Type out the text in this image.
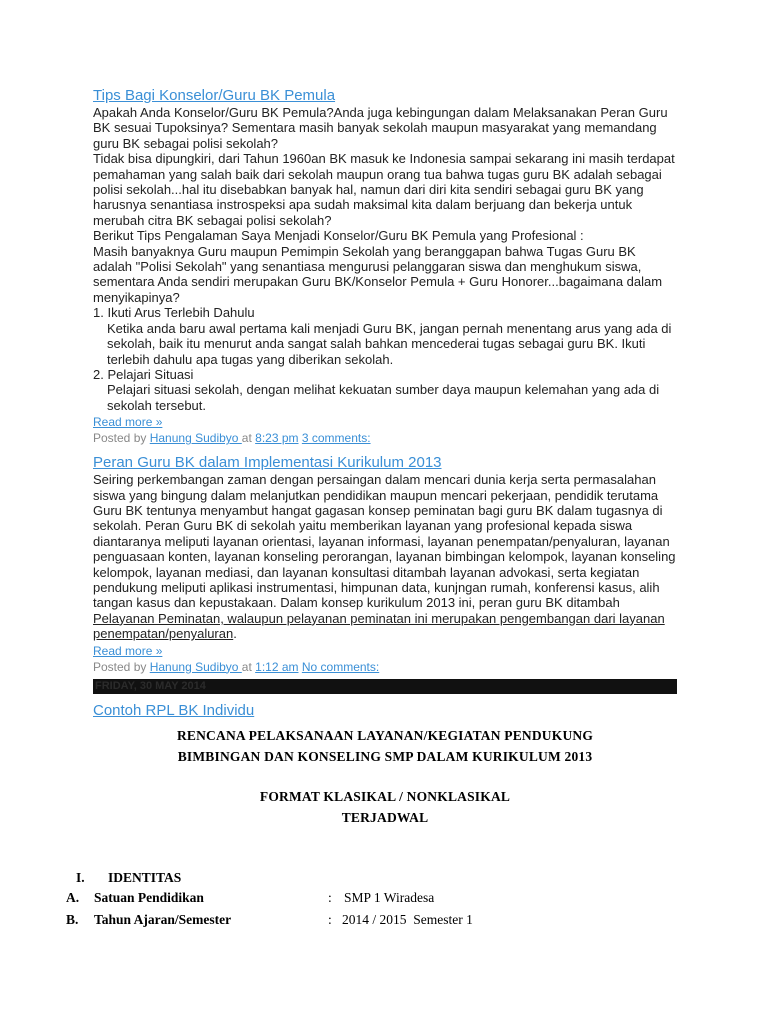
Tips Bagi Konselor/Guru BK Pemula

Apakah Anda Konselor/Guru BK Pemula?Anda juga kebingungan dalam Melaksanakan Peran Guru BK sesuai Tupoksinya? Sementara masih banyak sekolah maupun masyarakat yang memandang guru BK sebagai polisi sekolah?

Tidak bisa dipungkiri, dari Tahun 1960an BK masuk ke Indonesia sampai sekarang ini masih terdapat pemahaman yang salah baik dari sekolah maupun orang tua bahwa tugas guru BK adalah sebagai polisi sekolah...hal itu disebabkan banyak hal, namun dari diri kita sendiri sebagai guru BK yang harusnya senantiasa instrospeksi apa sudah maksimal kita dalam berjuang dan bekerja untuk merubah citra BK sebagai polisi sekolah?

Berikut Tips Pengalaman Saya Menjadi Konselor/Guru BK Pemula yang Profesional :

Masih banyaknya Guru maupun Pemimpin Sekolah yang beranggapan bahwa Tugas Guru BK adalah "Polisi Sekolah" yang senantiasa mengurusi pelanggaran siswa dan menghukum siswa, sementara Anda sendiri merupakan Guru BK/Konselor Pemula + Guru Honorer...bagaimana dalam menyikapinya?

1. Ikuti Arus Terlebih Dahulu

Ketika anda baru awal pertama kali menjadi Guru BK, jangan pernah menentang arus yang ada di sekolah, baik itu menurut anda sangat salah bahkan mencederai tugas sebagai guru BK. Ikuti terlebih dahulu apa tugas yang diberikan sekolah.

2. Pelajari Situasi

Pelajari situasi sekolah, dengan melihat kekuatan sumber daya maupun kelemahan yang ada di sekolah tersebut.

Read more »
Posted by Hanung Sudibyo at 8:23 pm 3 comments:
Peran Guru BK dalam Implementasi Kurikulum 2013

Seiring perkembangan zaman dengan persaingan dalam mencari dunia kerja serta permasalahan siswa yang bingung dalam melanjutkan pendidikan maupun mencari pekerjaan, pendidik terutama Guru BK tentunya menyambut hangat gagasan konsep peminatan bagi guru BK dalam tugasnya di sekolah. Peran Guru BK di sekolah yaitu memberikan layanan yang profesional kepada siswa diantaranya meliputi layanan orientasi, layanan informasi, layanan penempatan/penyaluran, layanan penguasaan konten, layanan konseling perorangan, layanan bimbingan kelompok, layanan konseling kelompok, layanan mediasi, dan layanan konsultasi ditambah layanan advokasi, serta kegiatan pendukung meliputi aplikasi instrumentasi, himpunan data, kunjngan rumah, konferensi kasus, alih tangan kasus dan kepustakaan. Dalam konsep kurikulum 2013 ini, peran guru BK ditambah Pelayanan Peminatan, walaupun pelayanan peminatan ini merupakan pengembangan dari layanan penempatan/penyaluran.

Read more »
Posted by Hanung Sudibyo at 1:12 am No comments:
FRIDAY, 30 MAY 2014
Contoh RPL BK Individu
RENCANA PELAKSANAAN LAYANAN/KEGIATAN PENDUKUNG
BIMBINGAN DAN KONSELING SMP DALAM KURIKULUM 2013
FORMAT KLASIKAL / NONKLASIKAL
TERJADWAL
I. IDENTITAS
A. Satuan Pendidikan	: SMP 1 Wiradesa
B. Tahun Ajaran/Semester	: 2014 / 2015  Semester 1
